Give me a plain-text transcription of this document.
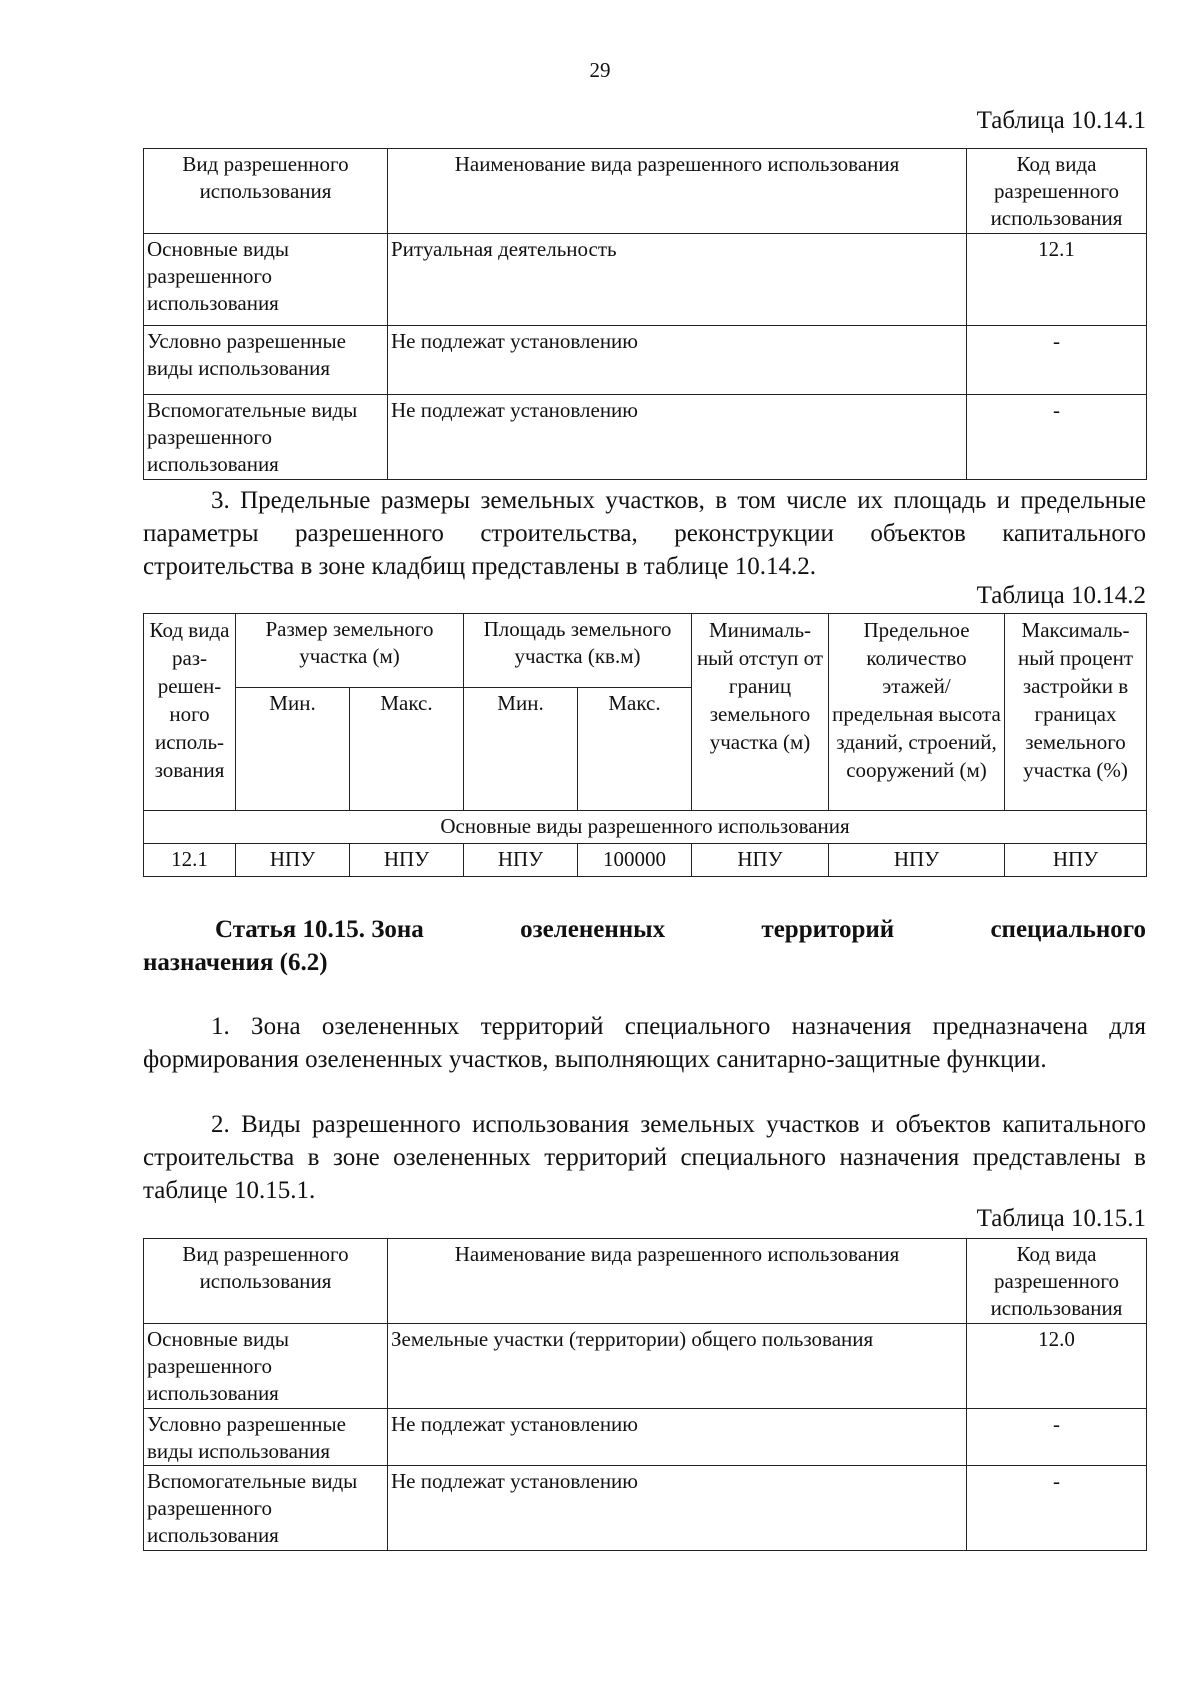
29
Таблица 10.14.1
Вид разрешенного использования	Наименование вида разрешенного использования	Код вида разрешенного использования
Основные виды разрешенного использования	Ритуальная деятельность	12.1
Условно разрешенные виды использования	Не подлежат установлению	-
Вспомогательные виды разрешенного использования	Не подлежат установлению	-

3. Предельные размеры земельных участков, в том числе их площадь и предельные параметры разрешенного строительства, реконструкции объектов капитального строительства в зоне кладбищ представлены в таблице 10.14.2.

Таблица 10.14.2
Код вида раз- решен- ного исполь- зования	Размер земельного участка (м)		Площадь земельного участка (кв.м)		Минималь- ный отступ от границ земельного участка (м)	Предельное количество этажей/ предельная высота зданий, строений, сооружений (м)	Максималь- ный процент застройки в границах земельного участка (%)
	Мин.	Макс.	Мин.	Макс.			
Основные виды разрешенного использования							
12.1	НПУ	НПУ	НПУ	100000	НПУ	НПУ	НПУ
Статья 10.15. Зона	озелененных	территорий	специального
назначения (6.2)

1. Зона озелененных территорий специального назначения предназначена для формирования озелененных участков, выполняющих санитарно-защитные функции.

2. Виды разрешенного использования земельных участков и объектов капитального строительства в зоне озелененных территорий специального назначения представлены в таблице 10.15.1.

Таблица 10.15.1
Вид разрешенного использования	Наименование вида разрешенного использования	Код вида разрешенного использования
Основные виды разрешенного использования	Земельные участки (территории) общего пользования	12.0
Условно разрешенные виды использования	Не подлежат установлению	-
Вспомогательные виды разрешенного использования	Не подлежат установлению	-
